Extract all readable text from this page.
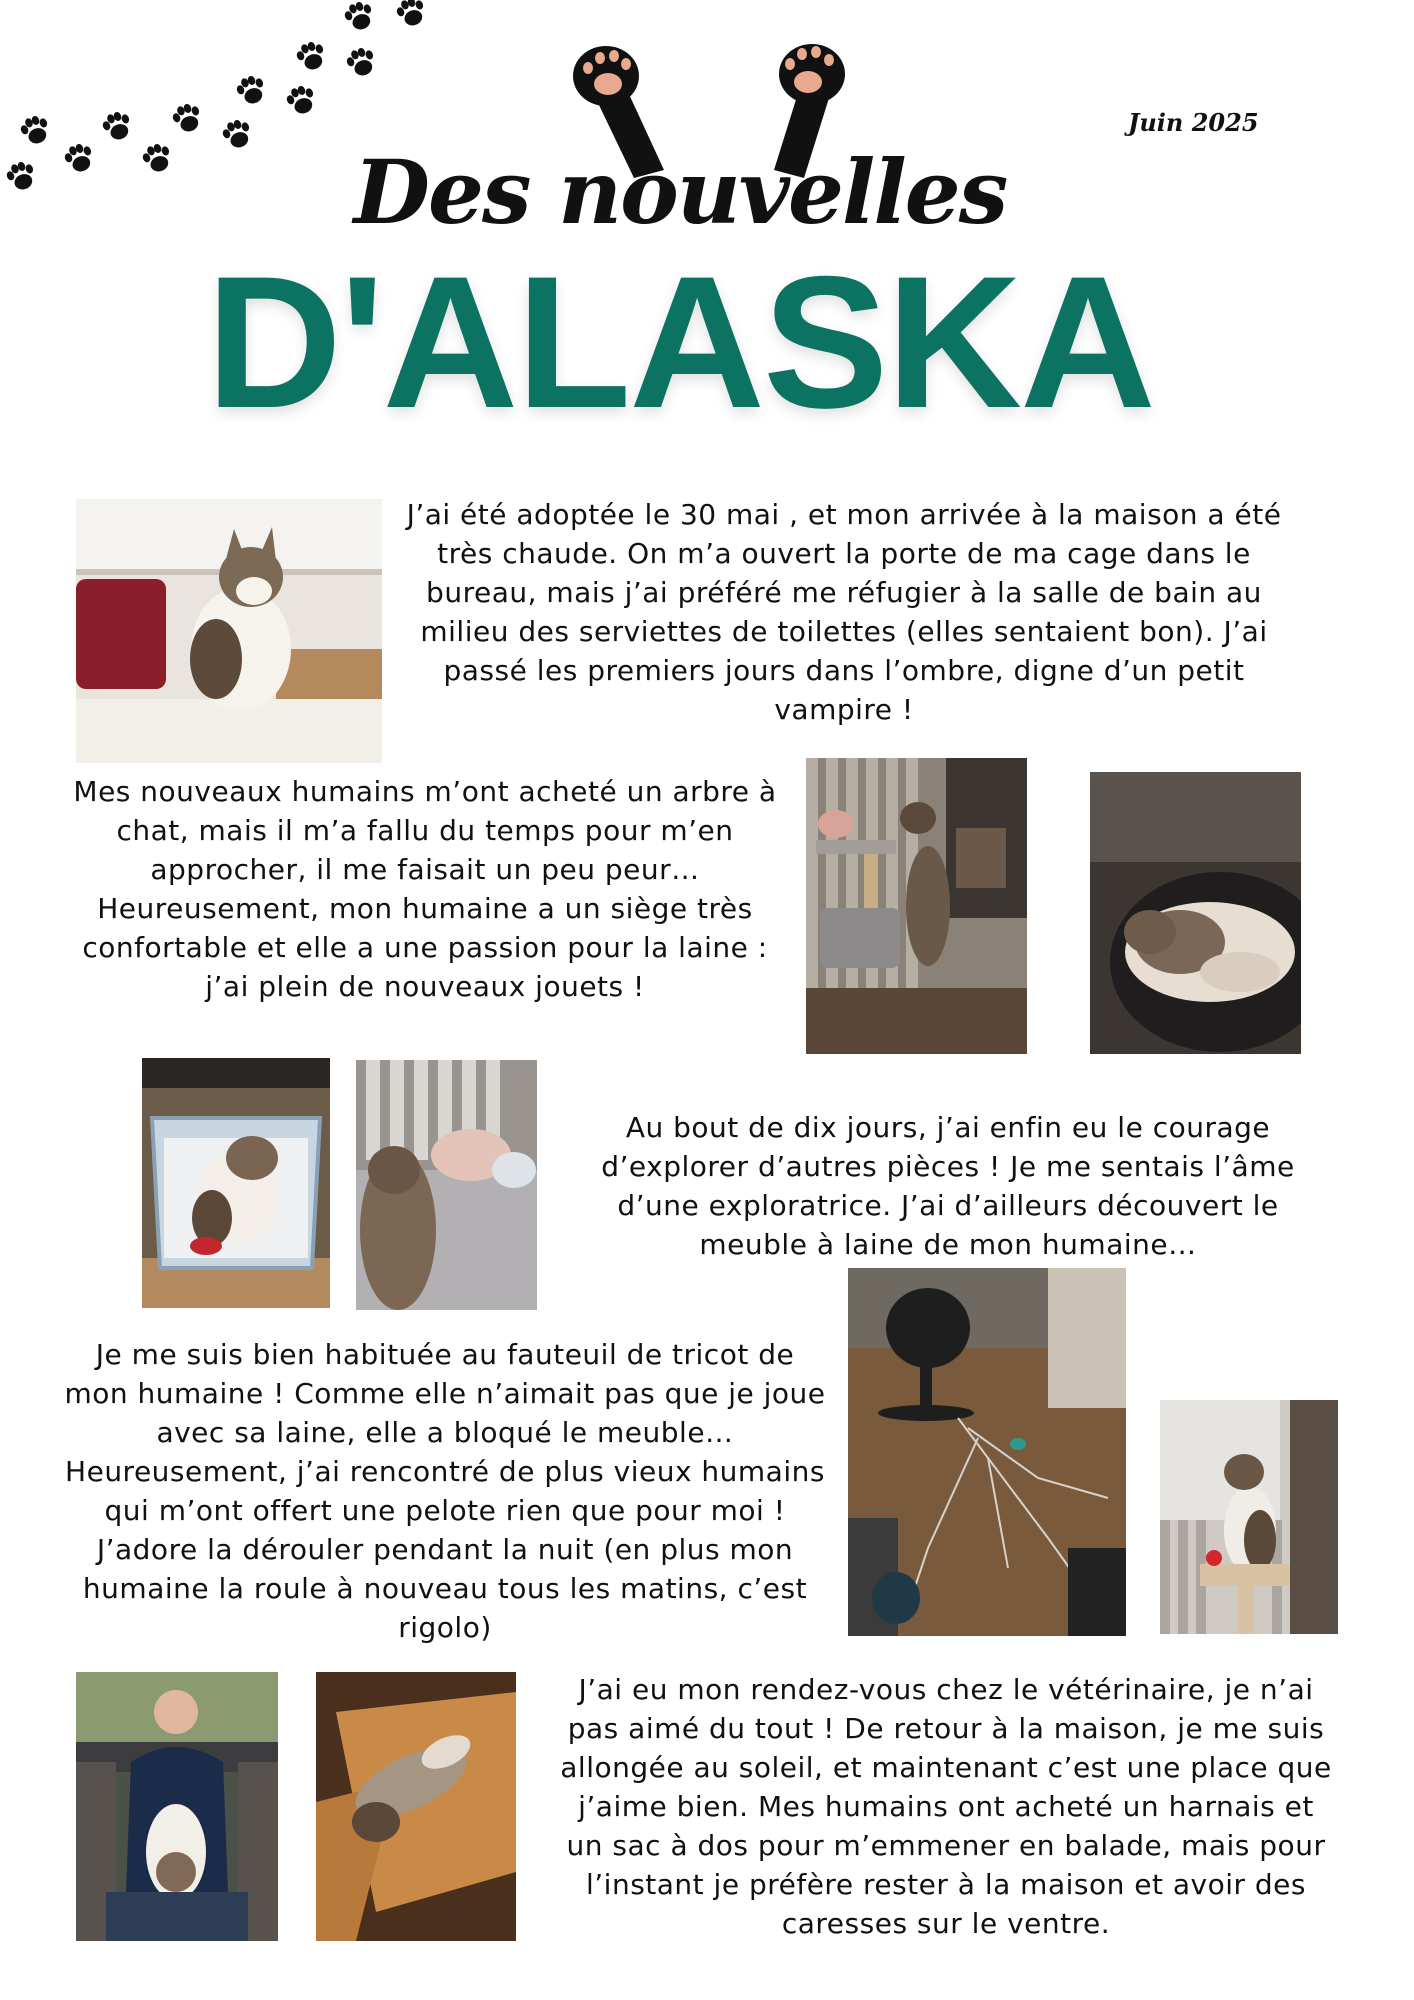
Juin 2025
Des nouvelles
D'ALASKA

J’ai été adoptée le 30 mai , et mon arrivée à la maison a été très chaude. On m’a ouvert la porte de ma cage dans le bureau, mais j’ai préféré me réfugier à la salle de bain au milieu des serviettes de toilettes (elles sentaient bon). J’ai passé les premiers jours dans l’ombre, digne d’un petit vampire !

Mes nouveaux humains m’ont acheté un arbre à chat, mais il m’a fallu du temps pour m’en approcher, il me faisait un peu peur… Heureusement, mon humaine a un siège très confortable et elle a une passion pour la laine : j’ai plein de nouveaux jouets !

Au bout de dix jours, j’ai enfin eu le courage d’explorer d’autres pièces ! Je me sentais l’âme d’une exploratrice. J’ai d’ailleurs découvert le meuble à laine de mon humaine…

Je me suis bien habituée au fauteuil de tricot de mon humaine ! Comme elle n’aimait pas que je joue avec sa laine, elle a bloqué le meuble… Heureusement, j’ai rencontré de plus vieux humains qui m’ont offert une pelote rien que pour moi ! J’adore la dérouler pendant la nuit (en plus mon humaine la roule à nouveau tous les matins, c’est rigolo)

J’ai eu mon rendez-vous chez le vétérinaire, je n’ai pas aimé du tout ! De retour à la maison, je me suis allongée au soleil, et maintenant c’est une place que j’aime bien. Mes humains ont acheté un harnais et un sac à dos pour m’emmener en balade, mais pour l’instant je préfère rester à la maison et avoir des caresses sur le ventre.
